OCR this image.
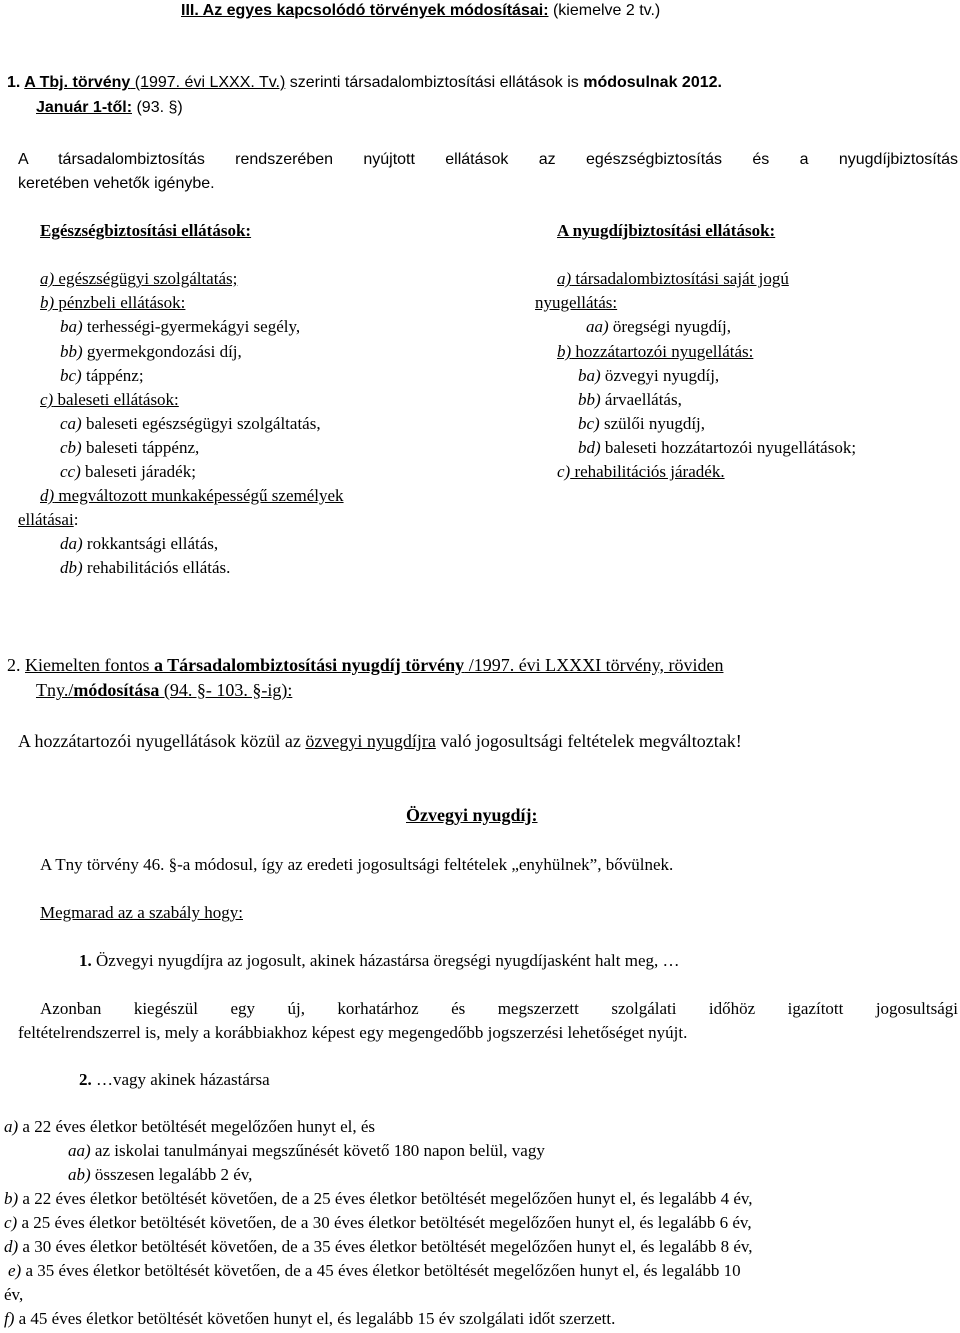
III. Az egyes kapcsolódó törvények módosításai: (kiemelve 2 tv.)
1. A Tbj. törvény (1997. évi LXXX. Tv.) szerinti társadalombiztosítási ellátások is módosulnak 2012.
Január 1-től: (93. §)
A társadalombiztosítás rendszerében nyújtott ellátások az egészségbiztosítás és a nyugdíjbiztosítás
keretében vehetők igénybe.
Egészségbiztosítási ellátások:
a) egészségügyi szolgáltatás;
b) pénzbeli ellátások:
ba) terhességi-gyermekágyi segély,
bb) gyermekgondozási díj,
bc) táppénz;
c) baleseti ellátások:
ca) baleseti egészségügyi szolgáltatás,
cb) baleseti táppénz,
cc) baleseti járadék;
d) megváltozott munkaképességű személyek
ellátásai:
da) rokkantsági ellátás,
db) rehabilitációs ellátás.
A nyugdíjbiztosítási ellátások:
a) társadalombiztosítási saját jogú
nyugellátás:
aa) öregségi nyugdíj,
b) hozzátartozói nyugellátás:
ba) özvegyi nyugdíj,
bb) árvaellátás,
bc) szülői nyugdíj,
bd) baleseti hozzátartozói nyugellátások;
c) rehabilitációs járadék.
2. Kiemelten fontos a Társadalombiztosítási nyugdíj törvény /1997. évi LXXXI törvény, röviden
Tny./módosítása (94. §- 103. §-ig):
A hozzátartozói nyugellátások közül az özvegyi nyugdíjra való jogosultsági feltételek megváltoztak!
Özvegyi nyugdíj:
A Tny törvény 46. §-a módosul, így az eredeti jogosultsági feltételek „enyhülnek”, bővülnek.
Megmarad az a szabály hogy:
1. Özvegyi nyugdíjra az jogosult, akinek házastársa öregségi nyugdíjasként halt meg, …
Azonban kiegészül egy új, korhatárhoz és megszerzett szolgálati időhöz igazított jogosultsági
feltételrendszerrel is, mely a korábbiakhoz képest egy megengedőbb jogszerzési lehetőséget nyújt.
2. …vagy akinek házastársa
a) a 22 éves életkor betöltését megelőzően hunyt el, és
aa) az iskolai tanulmányai megszűnését követő 180 napon belül, vagy
ab) összesen legalább 2 év,
b) a 22 éves életkor betöltését követően, de a 25 éves életkor betöltését megelőzően hunyt el, és legalább 4 év,
c) a 25 éves életkor betöltését követően, de a 30 éves életkor betöltését megelőzően hunyt el, és legalább 6 év,
d) a 30 éves életkor betöltését követően, de a 35 éves életkor betöltését megelőzően hunyt el, és legalább 8 év,
e) a 35 éves életkor betöltését követően, de a 45 éves életkor betöltését megelőzően hunyt el, és legalább 10
év,
f) a 45 éves életkor betöltését követően hunyt el, és legalább 15 év szolgálati időt szerzett.
